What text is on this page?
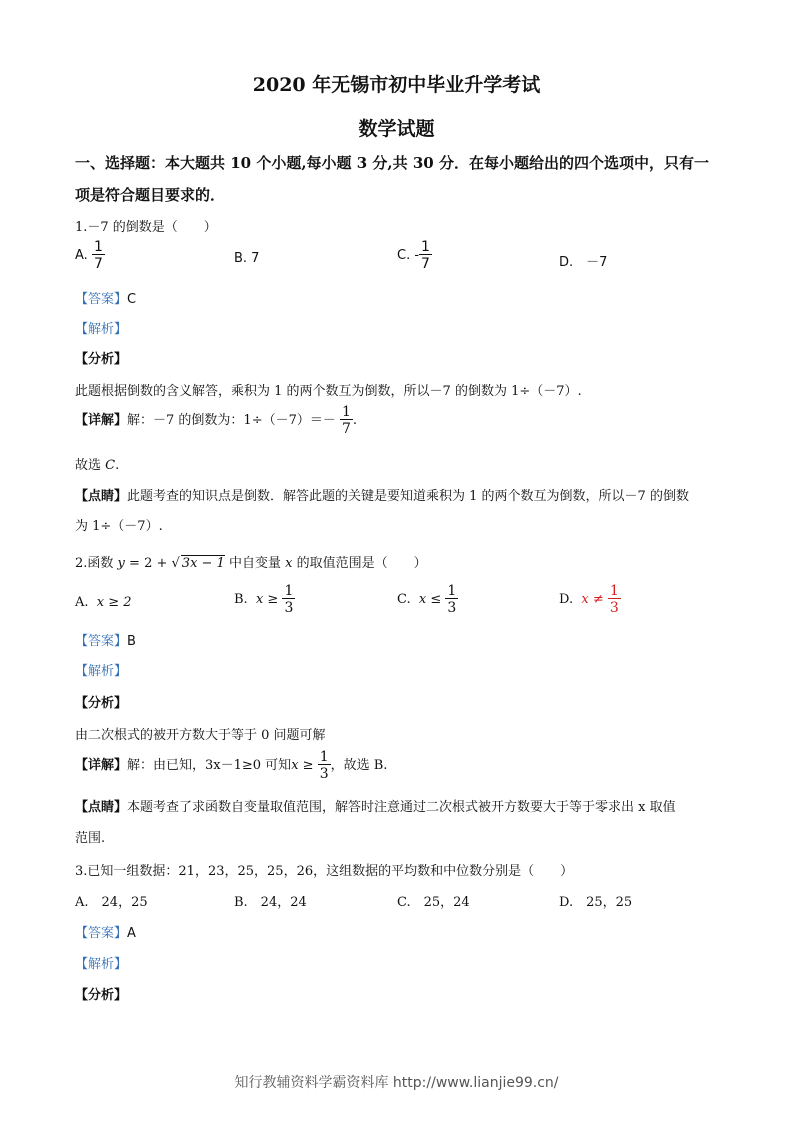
2020 年无锡市初中毕业升学考试
数学试题
一、选择题：本大题共 10 个小题,每小题 3 分,共 30 分．在每小题给出的四个选项中，只有一
项是符合题目要求的．
1.－7 的倒数是（　　）
A. $\frac{1}{7}$	B. 7	C. - $\frac{1}{7}$	D.　－7
【答案】C
【解析】
【分析】
此题根据倒数的含义解答，乘积为 1 的两个数互为倒数，所以－7 的倒数为 1÷（－7）.
【详解】解：－7 的倒数为：$1\div(-7)=- \frac{1}{7}$ .
故选 C.
【点睛】此题考查的知识点是倒数．解答此题的关键是要知道乘积为 1 的两个数互为倒数，所以－7 的倒数
为 1÷（－7）.
2.函数 y = 2 + √ 3x − 1 中自变量 x 的取值范围是（　　）
A. x ≥ 2	B. $x \ge \frac{1}{3}$	C. $x \le \frac{1}{3}$	D. $x \ne \frac{1}{3}$
【答案】B
【解析】
【分析】
由二次根式的被开方数大于等于 0 问题可解
【详解】解：由已知，3x－1≥0 可知$x \ge \frac{1}{3}$ ，故选 B.
【点睛】本题考查了求函数自变量取值范围，解答时注意通过二次根式被开方数要大于等于零求出 x 取值
范围.
3.已知一组数据：21，23，25，25，26，这组数据的平均数和中位数分别是（　　）
A.　24，25	B.　24，24	C.　25，24	D.　25，25
【答案】A
【解析】
【分析】
知行教辅资料学霸资料库 http://www.lianjie99.cn/
